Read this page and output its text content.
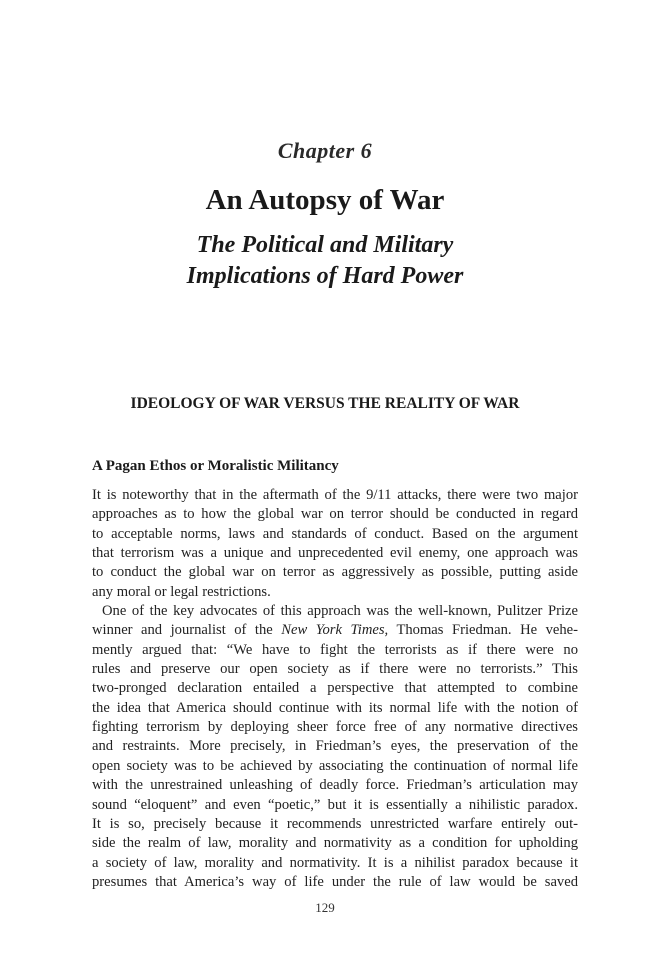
Chapter 6
An Autopsy of War
The Political and Military
Implications of Hard Power
IDEOLOGY OF WAR VERSUS THE REALITY OF WAR
A Pagan Ethos or Moralistic Militancy
It is noteworthy that in the aftermath of the 9/11 attacks, there were two major
approaches as to how the global war on terror should be conducted in regard
to acceptable norms, laws and standards of conduct. Based on the argument
that terrorism was a unique and unprecedented evil enemy, one approach was
to conduct the global war on terror as aggressively as possible, putting aside
any moral or legal restrictions.
One of the key advocates of this approach was the well-known, Pulitzer Prize
winner and journalist of the New York Times, Thomas Friedman. He vehe-
mently argued that: “We have to fight the terrorists as if there were no
rules and preserve our open society as if there were no terrorists.” This
two-pronged declaration entailed a perspective that attempted to combine
the idea that America should continue with its normal life with the notion of
fighting terrorism by deploying sheer force free of any normative directives
and restraints. More precisely, in Friedman’s eyes, the preservation of the
open society was to be achieved by associating the continuation of normal life
with the unrestrained unleashing of deadly force. Friedman’s articulation may
sound “eloquent” and even “poetic,” but it is essentially a nihilistic paradox.
It is so, precisely because it recommends unrestricted warfare entirely out-
side the realm of law, morality and normativity as a condition for upholding
a society of law, morality and normativity. It is a nihilist paradox because it
presumes that America’s way of life under the rule of law would be saved
129
